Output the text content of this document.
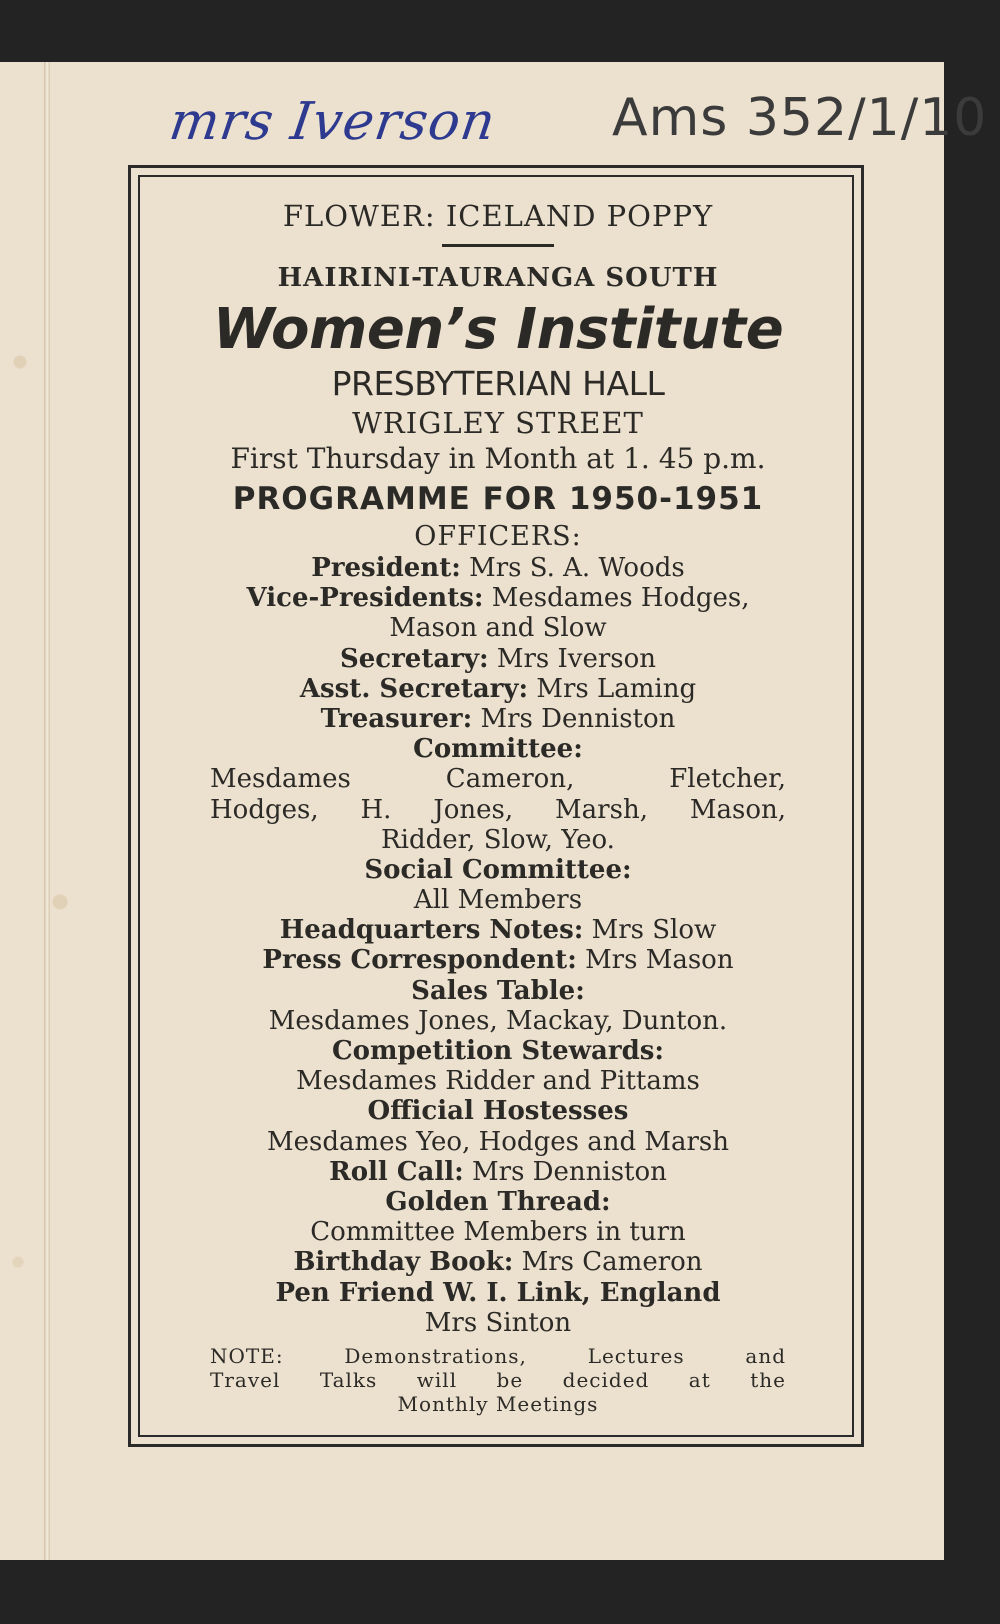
mrs Iverson Ams 352/1/10
FLOWER: ICELAND POPPY
HAIRINI-TAURANGA SOUTH
Women’s Institute
PRESBYTERIAN HALL
WRIGLEY STREET
First Thursday in Month at 1. 45 p.m.
PROGRAMME FOR 1950-1951
OFFICERS:
President: Mrs S. A. Woods
Vice-Presidents: Mesdames Hodges,
Mason and Slow
Secretary: Mrs Iverson
Asst. Secretary: Mrs Laming
Treasurer: Mrs Denniston
Committee:
Mesdames Cameron, Fletcher,
Hodges, H. Jones, Marsh, Mason,
Ridder, Slow, Yeo.
Social Committee:
All Members
Headquarters Notes: Mrs Slow
Press Correspondent: Mrs Mason
Sales Table:
Mesdames Jones, Mackay, Dunton.
Competition Stewards:
Mesdames Ridder and Pittams
Official Hostesses
Mesdames Yeo, Hodges and Marsh
Roll Call: Mrs Denniston
Golden Thread:
Committee Members in turn
Birthday Book: Mrs Cameron
Pen Friend W. I. Link, England
Mrs Sinton
NOTE: Demonstrations, Lectures and
Travel Talks will be decided at the
Monthly Meetings
